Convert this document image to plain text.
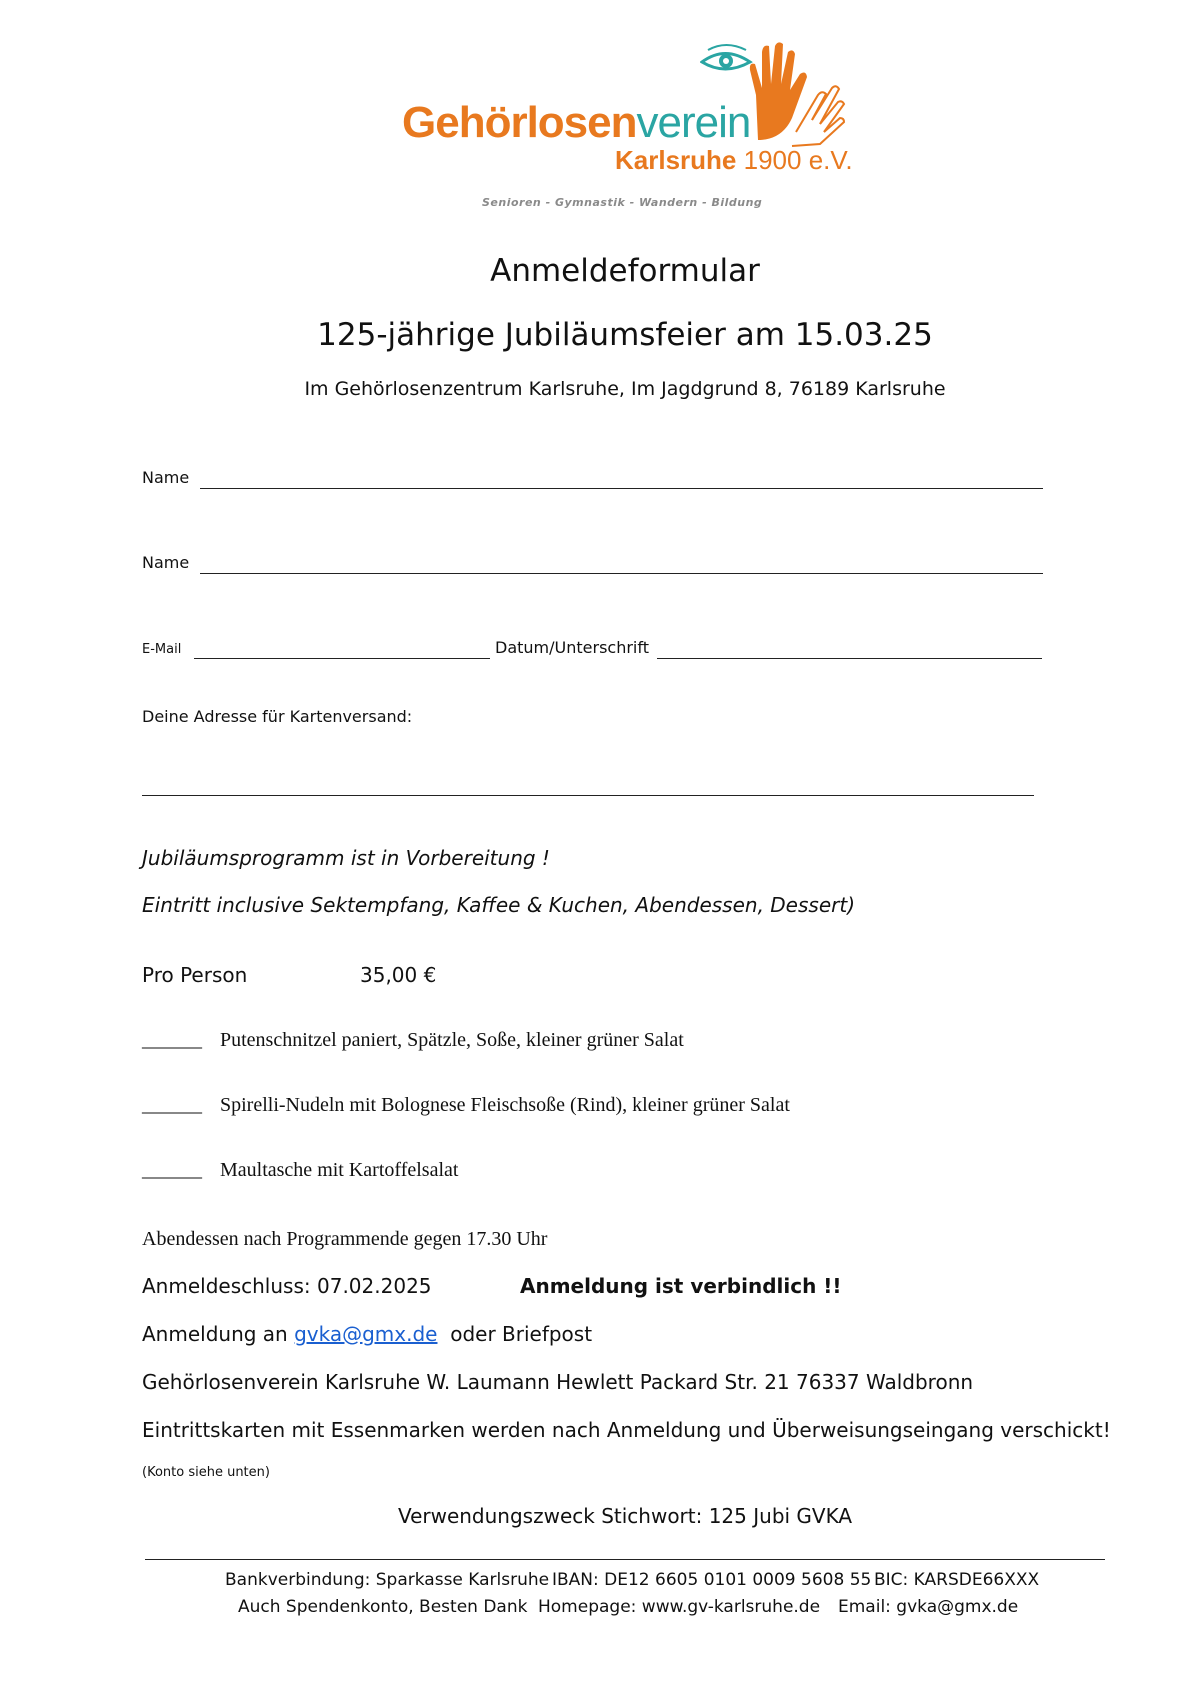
Gehörlosenverein
Karlsruhe 1900 e.V.
Senioren - Gymnastik - Wandern - Bildung
Anmeldeformular
125-jährige Jubiläumsfeier am 15.03.25
Im Gehörlosenzentrum Karlsruhe, Im Jagdgrund 8, 76189 Karlsruhe
Name
Name
E-Mail	Datum/Unterschrift
Deine Adresse für Kartenversand:
Jubiläumsprogramm ist in Vorbereitung !
Eintritt inclusive Sektempfang, Kaffee & Kuchen, Abendessen, Dessert)
Pro Person	35,00 €
______ Putenschnitzel paniert, Spätzle, Soße, kleiner grüner Salat
______ Spirelli-Nudeln mit Bolognese Fleischsoße (Rind), kleiner grüner Salat
______ Maultasche mit Kartoffelsalat
Abendessen nach Programmende gegen 17.30 Uhr
Anmeldeschluss: 07.02.2025	Anmeldung ist verbindlich !!
Anmeldung an gvka@gmx.de oder Briefpost
Gehörlosenverein Karlsruhe W. Laumann Hewlett Packard Str. 21 76337 Waldbronn
Eintrittskarten mit Essenmarken werden nach Anmeldung und Überweisungseingang verschickt!
(Konto siehe unten)
Verwendungszweck Stichwort: 125 Jubi GVKA
Bankverbindung: Sparkasse Karlsruhe IBAN: DE12 6605 0101 0009 5608 55 BIC: KARSDE66XXX
Auch Spendenkonto, Besten Dank Homepage: www.gv-karlsruhe.de Email: gvka@gmx.de
